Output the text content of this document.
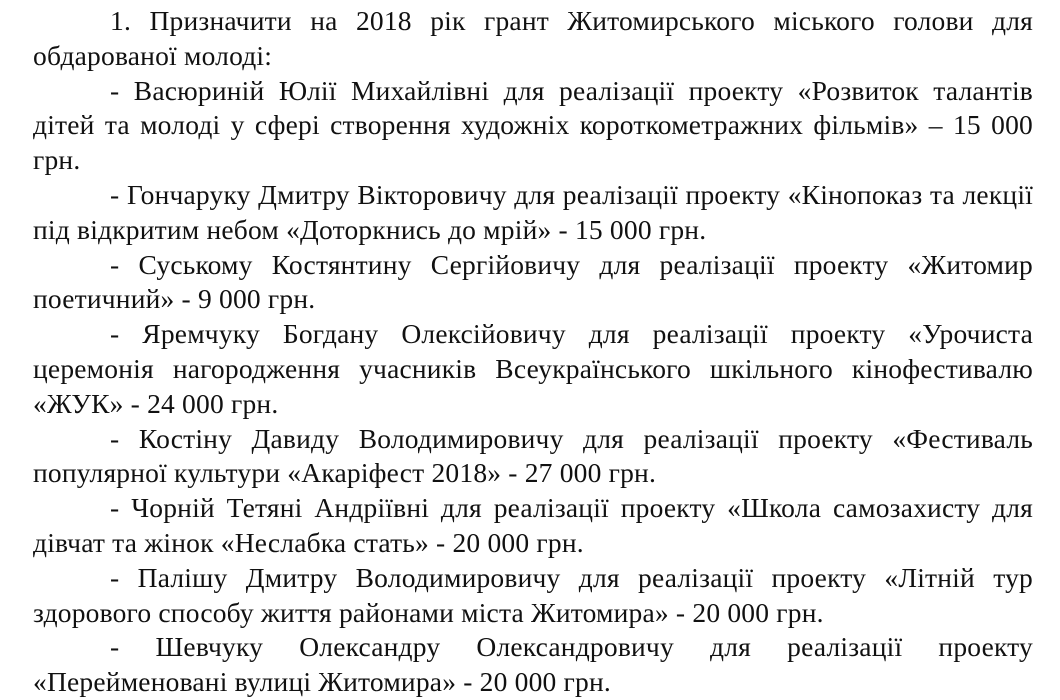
1. Призначити на 2018 рік грант Житомирського міського голови для обдарованої молоді:

- Васюриній Юлії Михайлівні для реалізації проекту «Розвиток талантів дітей та молоді у сфері створення художніх короткометражних фільмів» – 15 000 грн.

- Гончаруку Дмитру Вікторовичу для реалізації проекту «Кінопоказ та лекції під відкритим небом «Доторкнись до мрій» - 15 000 грн.

- Суському Костянтину Сергійовичу для реалізації проекту «Житомир поетичний» - 9 000 грн.

- Яремчуку Богдану Олексійовичу для реалізації проекту «Урочиста церемонія нагородження учасників Всеукраїнського шкільного кінофестивалю «ЖУК» - 24 000 грн.

- Костіну Давиду Володимировичу для реалізації проекту «Фестиваль популярної культури «Акаріфест 2018» - 27 000 грн.

- Чорній Тетяні Андріївні для реалізації проекту «Школа самозахисту для дівчат та жінок «Неслабка стать» - 20 000 грн.

- Палішу Дмитру Володимировичу для реалізації проекту «Літній тур здорового способу життя районами міста Житомира» - 20 000 грн.

- Шевчуку Олександру Олександровичу для реалізації проекту «Перейменовані вулиці Житомира» - 20 000 грн.
